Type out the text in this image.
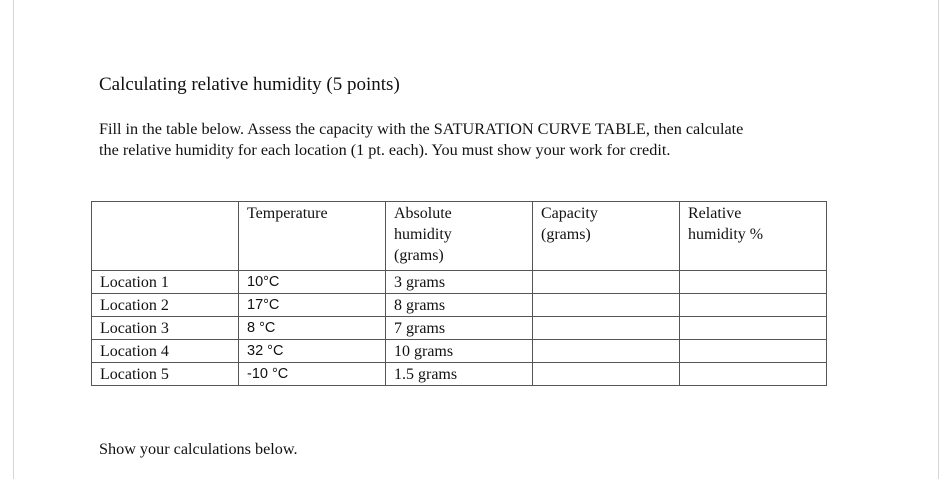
Calculating relative humidity (5 points)
Fill in the table below. Assess the capacity with the SATURATION CURVE TABLE, then calculate
the relative humidity for each location (1 pt. each). You must show your work for credit.
	Temperature	Absolute humidity (grams)	Capacity (grams)	Relative humidity %
Location 1	10°C	3 grams		
Location 2	17°C	8 grams		
Location 3	8 °C	7 grams		
Location 4	32 °C	10 grams		
Location 5	-10 °C	1.5 grams		
Show your calculations below.
